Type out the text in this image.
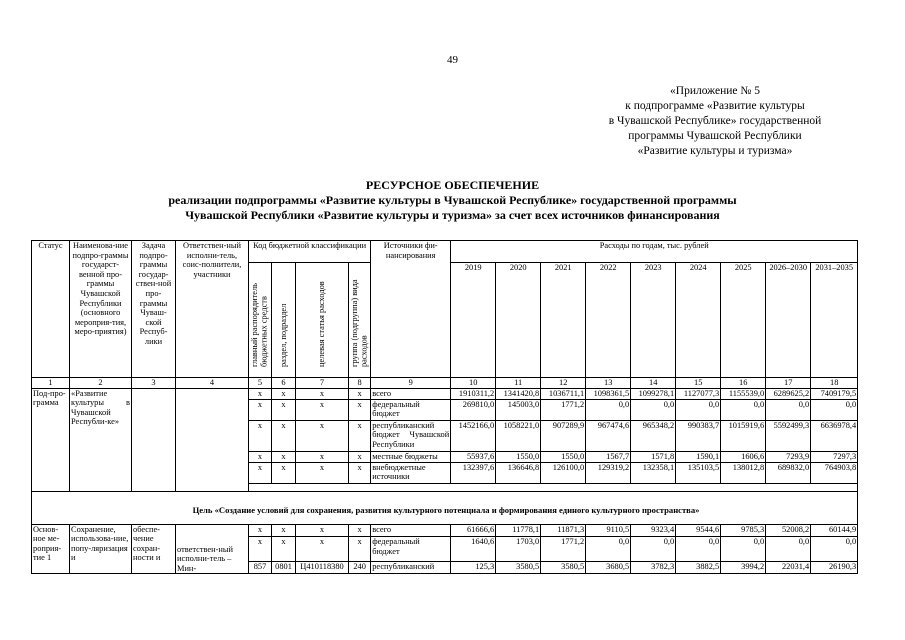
49
«Приложение № 5
к подпрограмме «Развитие культуры
в Чувашской Республике» государственной
программы Чувашской Республики
«Развитие культуры и туризма»
РЕСУРСНОЕ ОБЕСПЕЧЕНИЕ
реализации подпрограммы «Развитие культуры в Чувашской Республике» государственной программы
Чувашской Республики «Развитие культуры и туризма» за счет всех источников финансирования
Статус	Наименова-ние подпро-граммы государст-венной про-граммы Чувашской Республики (основного мероприя-тия, меро-приятия)	Задача подпро-граммы государ-ствен-ной про-граммы Чуваш-ской Респуб-лики	Ответствен-ный исполни-тель, соис-полнители, участники	Код бюджетной классификации				Источники фи-нансирования	Расходы по годам, тыс. рублей								

				главный распорядитель бюджетных средств	раздел, подраздел	целевая статья расходов	группа (подгруппа) вида расходов		2019	2020	2021	2022	2023	2024	2025	2026–2030	2031–2035
1	2	3	4	5	6	7	8	9	10	11	12	13	14	15	16	17	18
Под-про-грамма	«Развитие культуры в Чувашской Республи-ке»			x	x	x	x	всего	1910311,2	1341420,8	1036711,1	1098361,5	1099278,1	1127077,3	1155539,0	6289625,2	7409179,5
				x	x	x	x	федеральный бюджет	269810,0	145003,0	1771,2	0,0	0,0	0,0	0,0	0,0	0,0
				x	x	x	x	республиканский бюджет Чувашской Республики	1452166,0	1058221,0	907289,9	967474,6	965348,2	990383,7	1015919,6	5592499,3	6636978,4
				x	x	x	x	местные бюджеты	55937,6	1550,0	1550,0	1567,7	1571,8	1590,1	1606,6	7293,9	7297,3
				x	x	x	x	внебюджетные источники	132397,6	136646,8	126100,0	129319,2	132358,1	135103,5	138012,8	689832,0	764903,8

Основ-ное ме-роприя-тие 1	Сохранение, использова-ние, попу-ляризация и	обеспе-чение сохран-ности и	ответствен-ный исполни-тель – Мин-	x	x	x	x	всего	61666,6	11778,1	11871,3	9110,5	9323,4	9544,6	9785,3	52008,2	60144,9
				x	x	x	x	федеральный бюджет	1640,6	1703,0	1771,2	0,0	0,0	0,0	0,0	0,0	0,0
				857	0801	Ц410118380	240	республиканский	125,3	3580,5	3580,5	3680,5	3782,3	3882,5	3994,2	22031,4	26190,3
Цель «Создание условий для сохранения, развития культурного потенциала и формирования единого культурного пространства»
